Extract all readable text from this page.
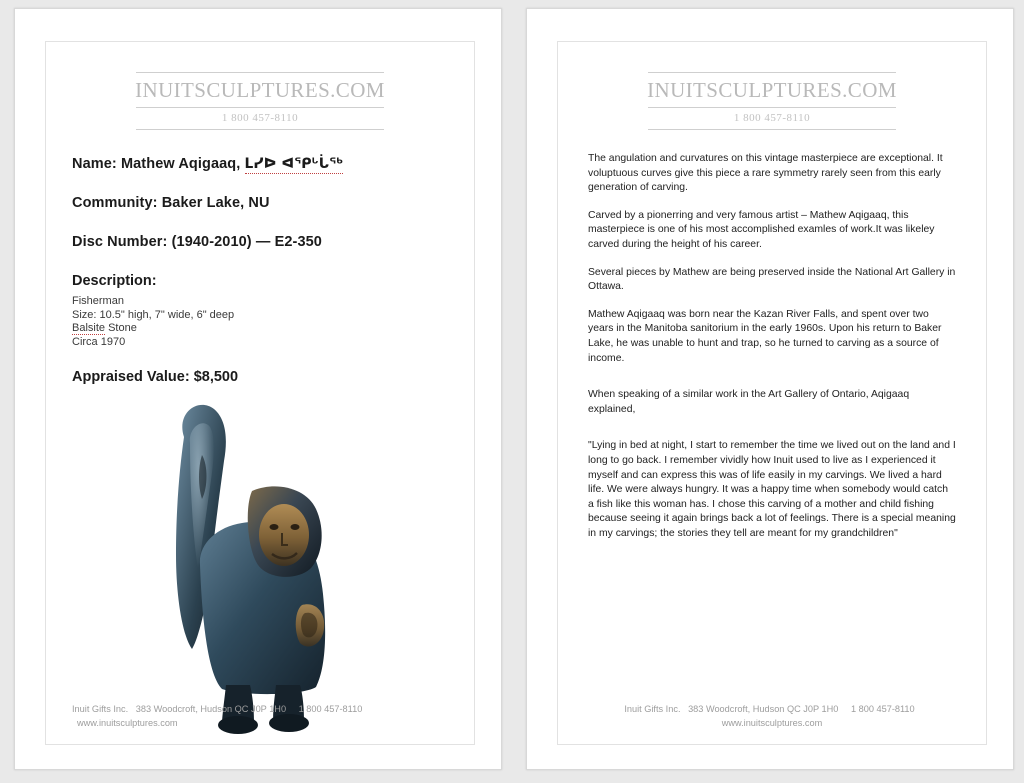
INUITSCULPTURES.COM
1 800 457-8110
Name: Mathew Aqigaaq, ᒪᓯᐅ ᐊᕿᒡᒑᖅ
Community: Baker Lake, NU
Disc Number: (1940-2010) — E2-350
Description:
Fisherman
Size: 10.5" high, 7" wide, 6" deep
Balsite Stone
Circa 1970
Appraised Value: $8,500
Inuit Gifts Inc. 383 Woodcroft, Hudson QC J0P 1H0 1 800 457-8110 www.inuitsculptures.com
INUITSCULPTURES.COM
1 800 457-8110
The angulation and curvatures on this vintage masterpiece are exceptional. It voluptuous curves give this piece a rare symmetry rarely seen from this early generation of carving.
Carved by a pionerring and very famous artist – Mathew Aqigaaq, this masterpiece is one of his most accomplished examles of work.It was likeley carved during the height of his career.
Several pieces by Mathew are being preserved inside the National Art Gallery in Ottawa.
Mathew Aqigaaq was born near the Kazan River Falls, and spent over two years in the Manitoba sanitorium in the early 1960s. Upon his return to Baker Lake, he was unable to hunt and trap, so he turned to carving as a source of income.
When speaking of a similar work in the Art Gallery of Ontario, Aqigaaq explained,
"Lying in bed at night, I start to remember the time we lived out on the land and I long to go back. I remember vividly how Inuit used to live as I experienced it myself and can express this was of life easily in my carvings. We lived a hard life. We were always hungry. It was a happy time when somebody would catch a fish like this woman has. I chose this carving of a mother and child fishing because seeing it again brings back a lot of feelings. There is a special meaning in my carvings; the stories they tell are meant for my grandchildren"
Inuit Gifts Inc. 383 Woodcroft, Hudson QC J0P 1H0 1 800 457-8110
www.inuitsculptures.com
